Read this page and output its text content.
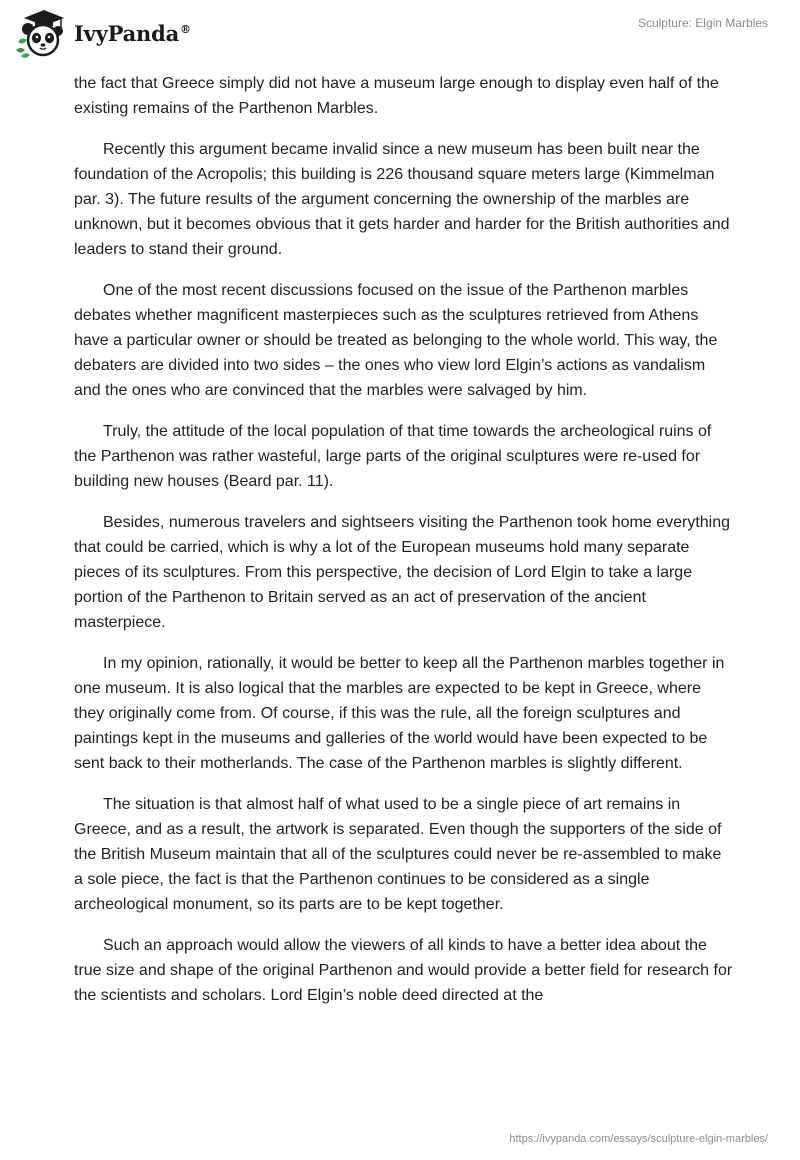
IvyPanda®	Sculpture: Elgin Marbles

the fact that Greece simply did not have a museum large enough to display even half of the existing remains of the Parthenon Marbles.

Recently this argument became invalid since a new museum has been built near the foundation of the Acropolis; this building is 226 thousand square meters large (Kimmelman par. 3). The future results of the argument concerning the ownership of the marbles are unknown, but it becomes obvious that it gets harder and harder for the British authorities and leaders to stand their ground.

One of the most recent discussions focused on the issue of the Parthenon marbles debates whether magnificent masterpieces such as the sculptures retrieved from Athens have a particular owner or should be treated as belonging to the whole world. This way, the debaters are divided into two sides – the ones who view lord Elgin’s actions as vandalism and the ones who are convinced that the marbles were salvaged by him.

Truly, the attitude of the local population of that time towards the archeological ruins of the Parthenon was rather wasteful, large parts of the original sculptures were re-used for building new houses (Beard par. 11).

Besides, numerous travelers and sightseers visiting the Parthenon took home everything that could be carried, which is why a lot of the European museums hold many separate pieces of its sculptures. From this perspective, the decision of Lord Elgin to take a large portion of the Parthenon to Britain served as an act of preservation of the ancient masterpiece.

In my opinion, rationally, it would be better to keep all the Parthenon marbles together in one museum. It is also logical that the marbles are expected to be kept in Greece, where they originally come from. Of course, if this was the rule, all the foreign sculptures and paintings kept in the museums and galleries of the world would have been expected to be sent back to their motherlands. The case of the Parthenon marbles is slightly different.

The situation is that almost half of what used to be a single piece of art remains in Greece, and as a result, the artwork is separated. Even though the supporters of the side of the British Museum maintain that all of the sculptures could never be re-assembled to make a sole piece, the fact is that the Parthenon continues to be considered as a single archeological monument, so its parts are to be kept together.

Such an approach would allow the viewers of all kinds to have a better idea about the true size and shape of the original Parthenon and would provide a better field for research for the scientists and scholars. Lord Elgin’s noble deed directed at the

https://ivypanda.com/essays/sculpture-elgin-marbles/
